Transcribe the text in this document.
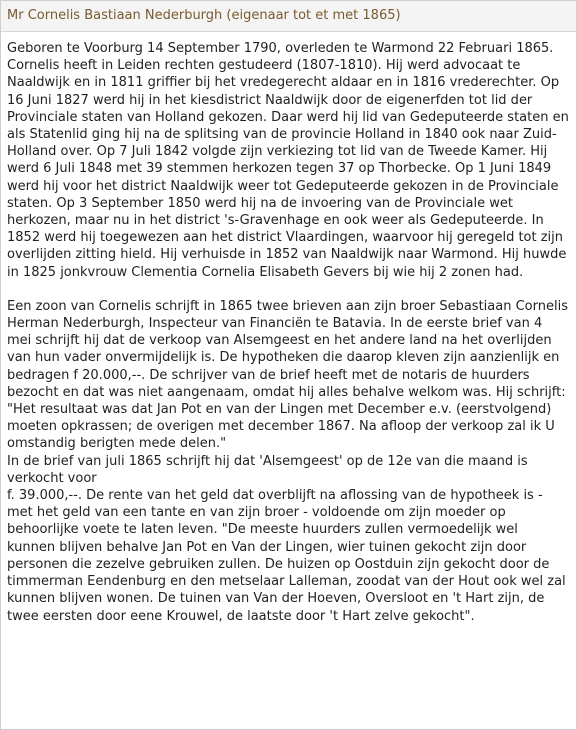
Mr Cornelis Bastiaan Nederburgh (eigenaar tot et met 1865)

Geboren te Voorburg 14 September 1790, overleden te Warmond 22 Februari 1865. Cornelis heeft in Leiden rechten gestudeerd (1807-1810). Hij werd advocaat te Naaldwijk en in 1811 griffier bij het vredegerecht aldaar en in 1816 vrederechter. Op 16 Juni 1827 werd hij in het kiesdistrict Naaldwijk door de eigenerfden tot lid der Provinciale staten van Holland gekozen. Daar werd hij lid van Gedeputeerde staten en als Statenlid ging hij na de splitsing van de provincie Holland in 1840 ook naar Zuid-Holland over. Op 7 Juli 1842 volgde zijn verkiezing tot lid van de Tweede Kamer. Hij werd 6 Juli 1848 met 39 stemmen herkozen tegen 37 op Thorbecke. Op 1 Juni 1849 werd hij voor het district Naaldwijk weer tot Gedeputeerde gekozen in de Provinciale staten. Op 3 September 1850 werd hij na de invoering van de Provinciale wet herkozen, maar nu in het district 's-Gravenhage en ook weer als Gedeputeerde. In 1852 werd hij toegewezen aan het district Vlaardingen, waarvoor hij geregeld tot zijn overlijden zitting hield. Hij verhuisde in 1852 van Naaldwijk naar Warmond. Hij huwde in 1825 jonkvrouw Clementia Cornelia Elisabeth Gevers bij wie hij 2 zonen had.

Een zoon van Cornelis schrijft in 1865 twee brieven aan zijn broer Sebastiaan Cornelis Herman Nederburgh, Inspecteur van Financiën te Batavia. In de eerste brief van 4 mei schrijft hij dat de verkoop van Alsemgeest en het andere land na het overlijden van hun vader onvermijdelijk is. De hypotheken die daarop kleven zijn aanzienlijk en bedragen f 20.000,--. De schrijver van de brief heeft met de notaris de huurders bezocht en dat was niet aangenaam, omdat hij alles behalve welkom was. Hij schrijft: "Het resultaat was dat Jan Pot en van der Lingen met December e.v. (eerstvolgend) moeten opkrassen; de overigen met december 1867. Na afloop der verkoop zal ik U omstandig berigten mede delen."

In de brief van juli 1865 schrijft hij dat 'Alsemgeest' op de 12e van die maand is verkocht voor

f. 39.000,--. De rente van het geld dat overblijft na aflossing van de hypotheek is - met het geld van een tante en van zijn broer - voldoende om zijn moeder op behoorlijke voete te laten leven. "De meeste huurders zullen vermoedelijk wel kunnen blijven behalve Jan Pot en Van der Lingen, wier tuinen gekocht zijn door personen die zezelve gebruiken zullen. De huizen op Oostduin zijn gekocht door de timmerman Eendenburg en den metselaar Lalleman, zoodat van der Hout ook wel zal kunnen blijven wonen. De tuinen van Van der Hoeven, Oversloot en 't Hart zijn, de twee eersten door eene Krouwel, de laatste door 't Hart zelve gekocht".
